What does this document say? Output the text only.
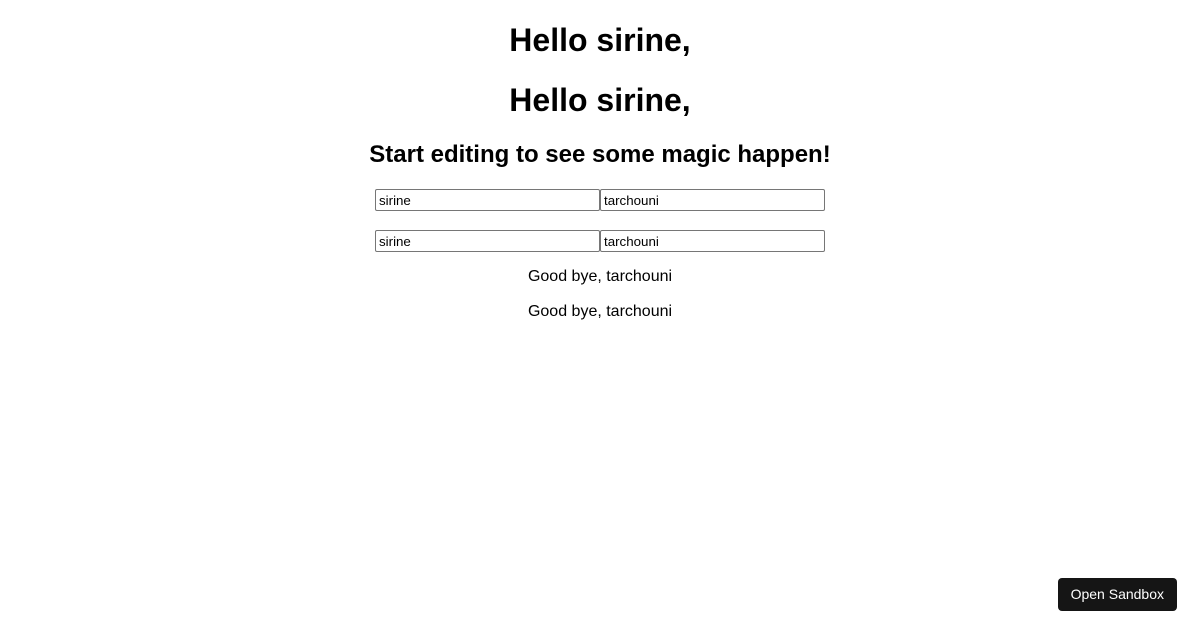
Hello sirine,
Hello sirine,
Start editing to see some magic happen!
sirine
tarchouni
sirine
tarchouni

Good bye, tarchouni

Good bye, tarchouni

Open Sandbox
